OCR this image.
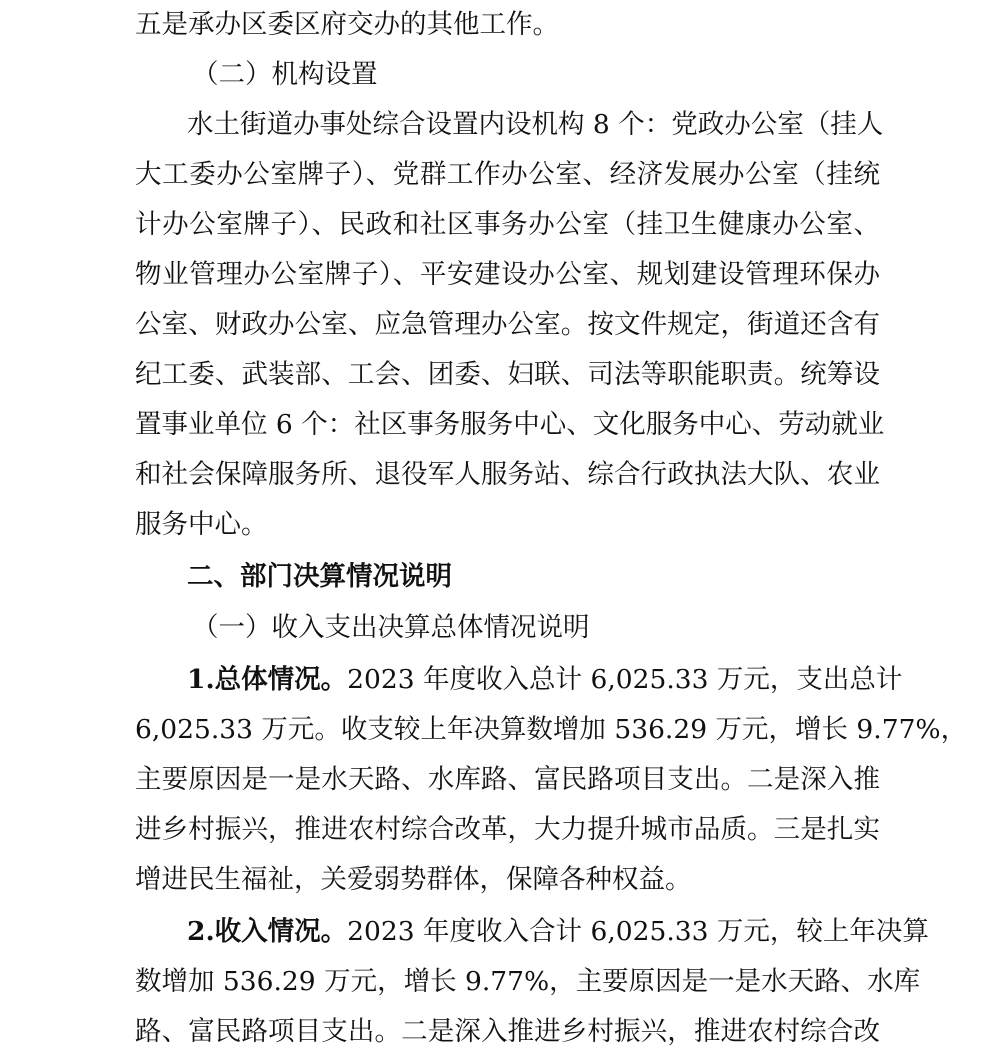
五是承办区委区府交办的其他工作。
（二）机构设置
水土街道办事处综合设置内设机构 8 个：党政办公室（挂人
大工委办公室牌子）、党群工作办公室、经济发展办公室（挂统
计办公室牌子）、民政和社区事务办公室（挂卫生健康办公室、
物业管理办公室牌子）、平安建设办公室、规划建设管理环保办
公室、财政办公室、应急管理办公室。按文件规定，街道还含有
纪工委、武装部、工会、团委、妇联、司法等职能职责。统筹设
置事业单位 6 个：社区事务服务中心、文化服务中心、劳动就业
和社会保障服务所、退役军人服务站、综合行政执法大队、农业
服务中心。
二、部门决算情况说明
（一）收入支出决算总体情况说明
1.总体情况。2023 年度收入总计 6,025.33 万元，支出总计
6,025.33 万元。收支较上年决算数增加 536.29 万元，增长 9.77%，
主要原因是一是水天路、水库路、富民路项目支出。二是深入推
进乡村振兴，推进农村综合改革，大力提升城市品质。三是扎实
增进民生福祉，关爱弱势群体，保障各种权益。
2.收入情况。2023 年度收入合计 6,025.33 万元，较上年决算
数增加 536.29 万元，增长 9.77%，主要原因是一是水天路、水库
路、富民路项目支出。二是深入推进乡村振兴，推进农村综合改
